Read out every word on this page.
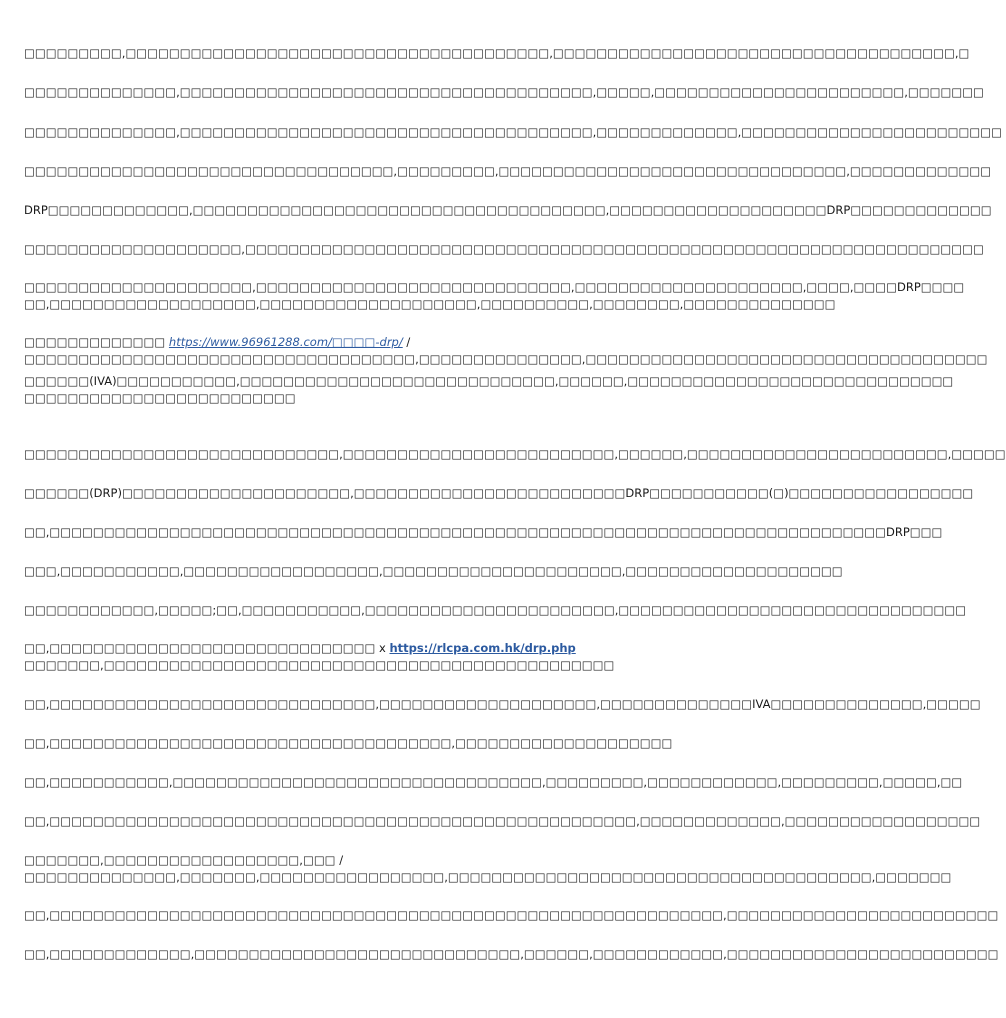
□□□□□□□□□,□□□□□□□□□□□□□□□□□□□□□□□□□□□□□□□□□□□□□□□,□□□□□□□□□□□□□□□□□□□□□□□□□□□□□□□□□□□□□,□
□□□□□□□□□□□□□□,□□□□□□□□□□□□□□□□□□□□□□□□□□□□□□□□□□□□□□,□□□□□,□□□□□□□□□□□□□□□□□□□□□□□,□□□□□□□
□□□□□□□□□□□□□□,□□□□□□□□□□□□□□□□□□□□□□□□□□□□□□□□□□□□□□,□□□□□□□□□□□□□,□□□□□□□□□□□□□□□□□□□□□□□□
□□□□□□□□□□□□□□□□□□□□□□□□□□□□□□□□□□,□□□□□□□□□,□□□□□□□□□□□□□□□□□□□□□□□□□□□□□□□□,□□□□□□□□□□□□□
DRP□□□□□□□□□□□□□,□□□□□□□□□□□□□□□□□□□□□□□□□□□□□□□□□□□□□□,□□□□□□□□□□□□□□□□□□□□DRP□□□□□□□□□□□□□
□□□□□□□□□□□□□□□□□□□□,□□□□□□□□□□□□□□□□□□□□□□□□□□□□□□□□□□□□□□□□□□□□□□□□□□□□□□□□□□□□□□□□□□□□
□□□□□□□□□□□□□□□□□□□□□,□□□□□□□□□□□□□□□□□□□□□□□□□□□□□,□□□□□□□□□□□□□□□□□□□□□,□□□□,□□□□DRP□□□□
□□,□□□□□□□□□□□□□□□□□□□,□□□□□□□□□□□□□□□□□□□□,□□□□□□□□□□,□□□□□□□□,□□□□□□□□□□□□□□
□□□□□□□□□□□□□ https://www.96961288.com/□□□□-drp/ /
□□□□□□□□□□□□□□□□□□□□□□□□□□□□□□□□□□□□,□□□□□□□□□□□□□□□,□□□□□□□□□□□□□□□□□□□□□□□□□□□□□□□□□□□□□
□□□□□□(IVA)□□□□□□□□□□□,□□□□□□□□□□□□□□□□□□□□□□□□□□□□□,□□□□□□,□□□□□□□□□□□□□□□□□□□□□□□□□□□□□□
□□□□□□□□□□□□□□□□□□□□□□□□□
□□□□□□□□□□□□□□□□□□□□□□□□□□□□□,□□□□□□□□□□□□□□□□□□□□□□□□□,□□□□□□,□□□□□□□□□□□□□□□□□□□□□□□□,□□□□□
□□□□□□(DRP)□□□□□□□□□□□□□□□□□□□□□,□□□□□□□□□□□□□□□□□□□□□□□□□DRP□□□□□□□□□□□(□)□□□□□□□□□□□□□□□□□
□□,□□□□□□□□□□□□□□□□□□□□□□□□□□□□□□□□□□□□□□□□□□□□□□□□□□□□□□□□□□□□□□□□□□□□□□□□□□□□□DRP□□□
□□□,□□□□□□□□□□□,□□□□□□□□□□□□□□□□□□,□□□□□□□□□□□□□□□□□□□□□□,□□□□□□□□□□□□□□□□□□□□
□□□□□□□□□□□□,□□□□□;□□,□□□□□□□□□□□,□□□□□□□□□□□□□□□□□□□□□□□,□□□□□□□□□□□□□□□□□□□□□□□□□□□□□□□□
□□,□□□□□□□□□□□□□□□□□□□□□□□□□□□□□□ x https://rlcpa.com.hk/drp.php
□□□□□□□,□□□□□□□□□□□□□□□□□□□□□□□□□□□□□□□□□□□□□□□□□□□□□□□
□□,□□□□□□□□□□□□□□□□□□□□□□□□□□□□□□,□□□□□□□□□□□□□□□□□□□□,□□□□□□□□□□□□□□IVA□□□□□□□□□□□□□□,□□□□□
□□,□□□□□□□□□□□□□□□□□□□□□□□□□□□□□□□□□□□□□,□□□□□□□□□□□□□□□□□□□□
□□,□□□□□□□□□□□,□□□□□□□□□□□□□□□□□□□□□□□□□□□□□□□□□□,□□□□□□□□□,□□□□□□□□□□□□,□□□□□□□□□,□□□□□,□□
□□,□□□□□□□□□□□□□□□□□□□□□□□□□□□□□□□□□□□□□□□□□□□□□□□□□□□□□□,□□□□□□□□□□□□□,□□□□□□□□□□□□□□□□□□
□□□□□□□,□□□□□□□□□□□□□□□□□□,□□□ /
□□□□□□□□□□□□□□,□□□□□□□,□□□□□□□□□□□□□□□□□,□□□□□□□□□□□□□□□□□□□□□□□□□□□□□□□□□□□□□□□,□□□□□□□
□□,□□□□□□□□□□□□□□□□□□□□□□□□□□□□□□□□□□□□□□□□□□□□□□□□□□□□□□□□□□□□□□,□□□□□□□□□□□□□□□□□□□□□□□□□
□□,□□□□□□□□□□□□□,□□□□□□□□□□□□□□□□□□□□□□□□□□□□□□,□□□□□□,□□□□□□□□□□□□,□□□□□□□□□□□□□□□□□□□□□□□□□
